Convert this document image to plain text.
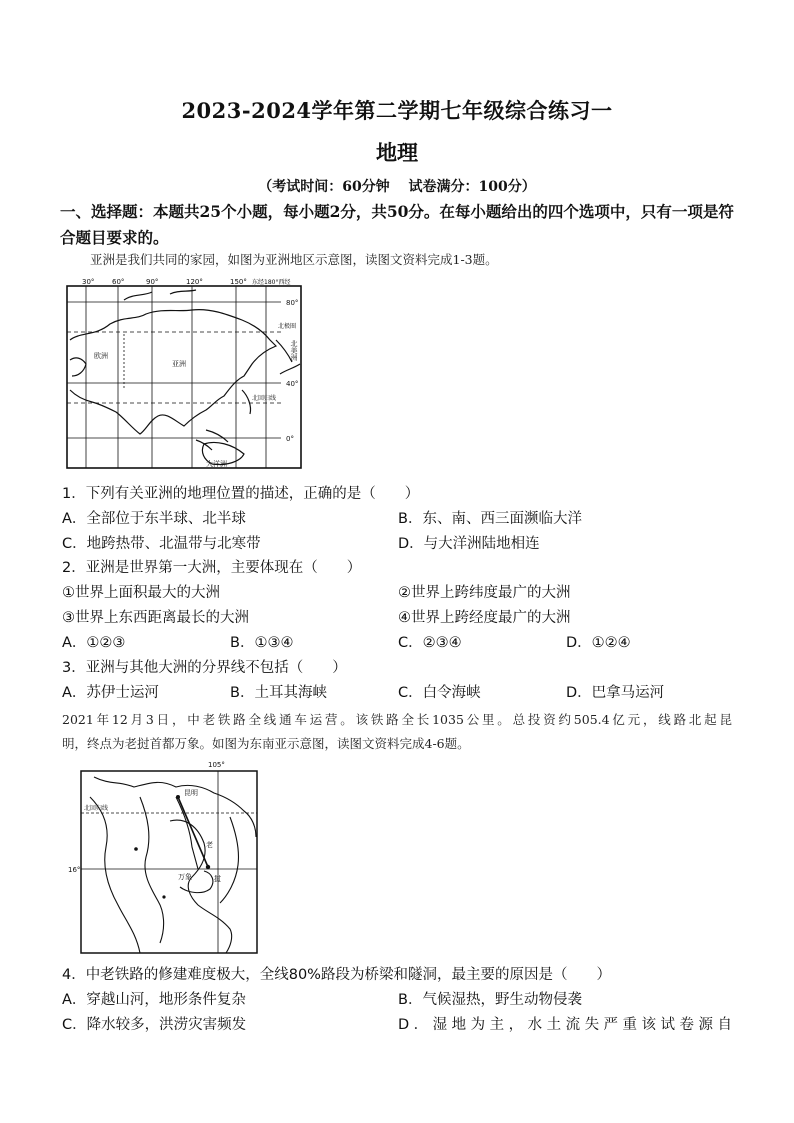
2023-2024学年第二学期七年级综合练习一
地理
（考试时间：60分钟　 试卷满分：100分）
一、选择题：本题共25个小题，每小题2分，共50分。在每小题给出的四个选项中，只有一项是符合题目要求的。
亚洲是我们共同的家园，如图为亚洲地区示意图，读图文资料完成1-3题。
30°	60°	90°	120°	150° 东经180°西经
80°
40°
0°
欧洲
亚洲
北极圈
北回归线
大洋洲
北美洲
1．下列有关亚洲的地理位置的描述，正确的是（　　）
A．全部位于东半球、北半球	B．东、南、西三面濒临大洋
C．地跨热带、北温带与北寒带	D．与大洋洲陆地相连
2．亚洲是世界第一大洲，主要体现在（　　）
①世界上面积最大的大洲	②世界上跨纬度最广的大洲
③世界上东西距离最长的大洲	④世界上跨经度最广的大洲
A．①②③	B．①③④	C．②③④	D．①②④
3．亚洲与其他大洲的分界线不包括（　　）
A．苏伊士运河	B．土耳其海峡	C．白令海峡	D．巴拿马运河
2021年12月3日，中老铁路全线通车运营。该铁路全长1035公里。总投资约505.4亿元，线路北起昆
明，终点为老挝首都万象。如图为东南亚示意图，读图文资料完成4-6题。
105°
16°
北回归线
昆明
万象
老
挝
4．中老铁路的修建难度极大，全线80%路段为桥梁和隧洞，最主要的原因是（　　）
A．穿越山河，地形条件复杂	B．气候湿热，野生动物侵袭
C．降水较多，洪涝灾害频发	D．湿地为主，水土流失严重该试卷源自
